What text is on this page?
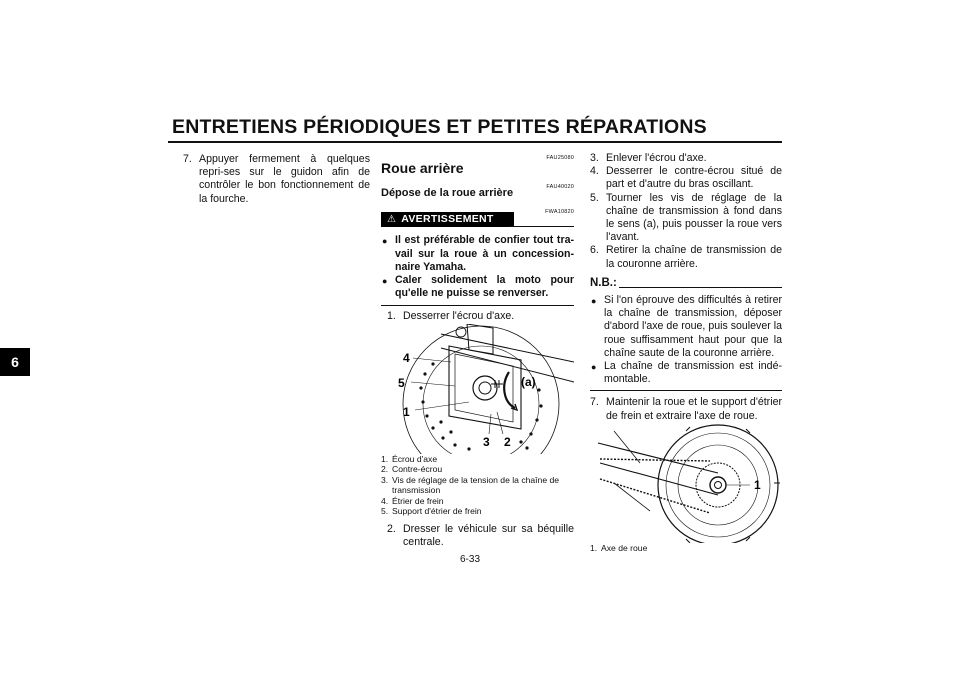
ENTRETIENS PÉRIODIQUES ET PETITES RÉPARATIONS
6
7. Appuyer fermement à quelques repri-ses sur le guidon afin de contrôler le bon fonctionnement de la fourche.
FAU25080
Roue arrière
FAU40020
Dépose de la roue arrière
FWA10820
⚠ AVERTISSEMENT
● Il est préférable de confier tout tra-vail sur la roue à un concession-naire Yamaha.
● Caler solidement la moto pour qu'elle ne puisse se renverser.
1. Desserrer l'écrou d'axe.
4
5
1
3 2
(a)
1. Écrou d'axe
2. Contre-écrou
3. Vis de réglage de la tension de la chaîne de transmission
4. Étrier de frein
5. Support d'étrier de frein
2. Dresser le véhicule sur sa béquille centrale.
3. Enlever l'écrou d'axe.
4. Desserrer le contre-écrou situé de part et d'autre du bras oscillant.
5. Tourner les vis de réglage de la chaîne de transmission à fond dans le sens (a), puis pousser la roue vers l'avant.
6. Retirer la chaîne de transmission de la couronne arrière.
N.B.:
● Si l'on éprouve des difficultés à retirer la chaîne de transmission, déposer d'abord l'axe de roue, puis soulever la roue suffisamment haut pour que la chaîne saute de la couronne arrière.
● La chaîne de transmission est indé-montable.
7. Maintenir la roue et le support d'étrier de frein et extraire l'axe de roue.
1
1. Axe de roue
6-33
